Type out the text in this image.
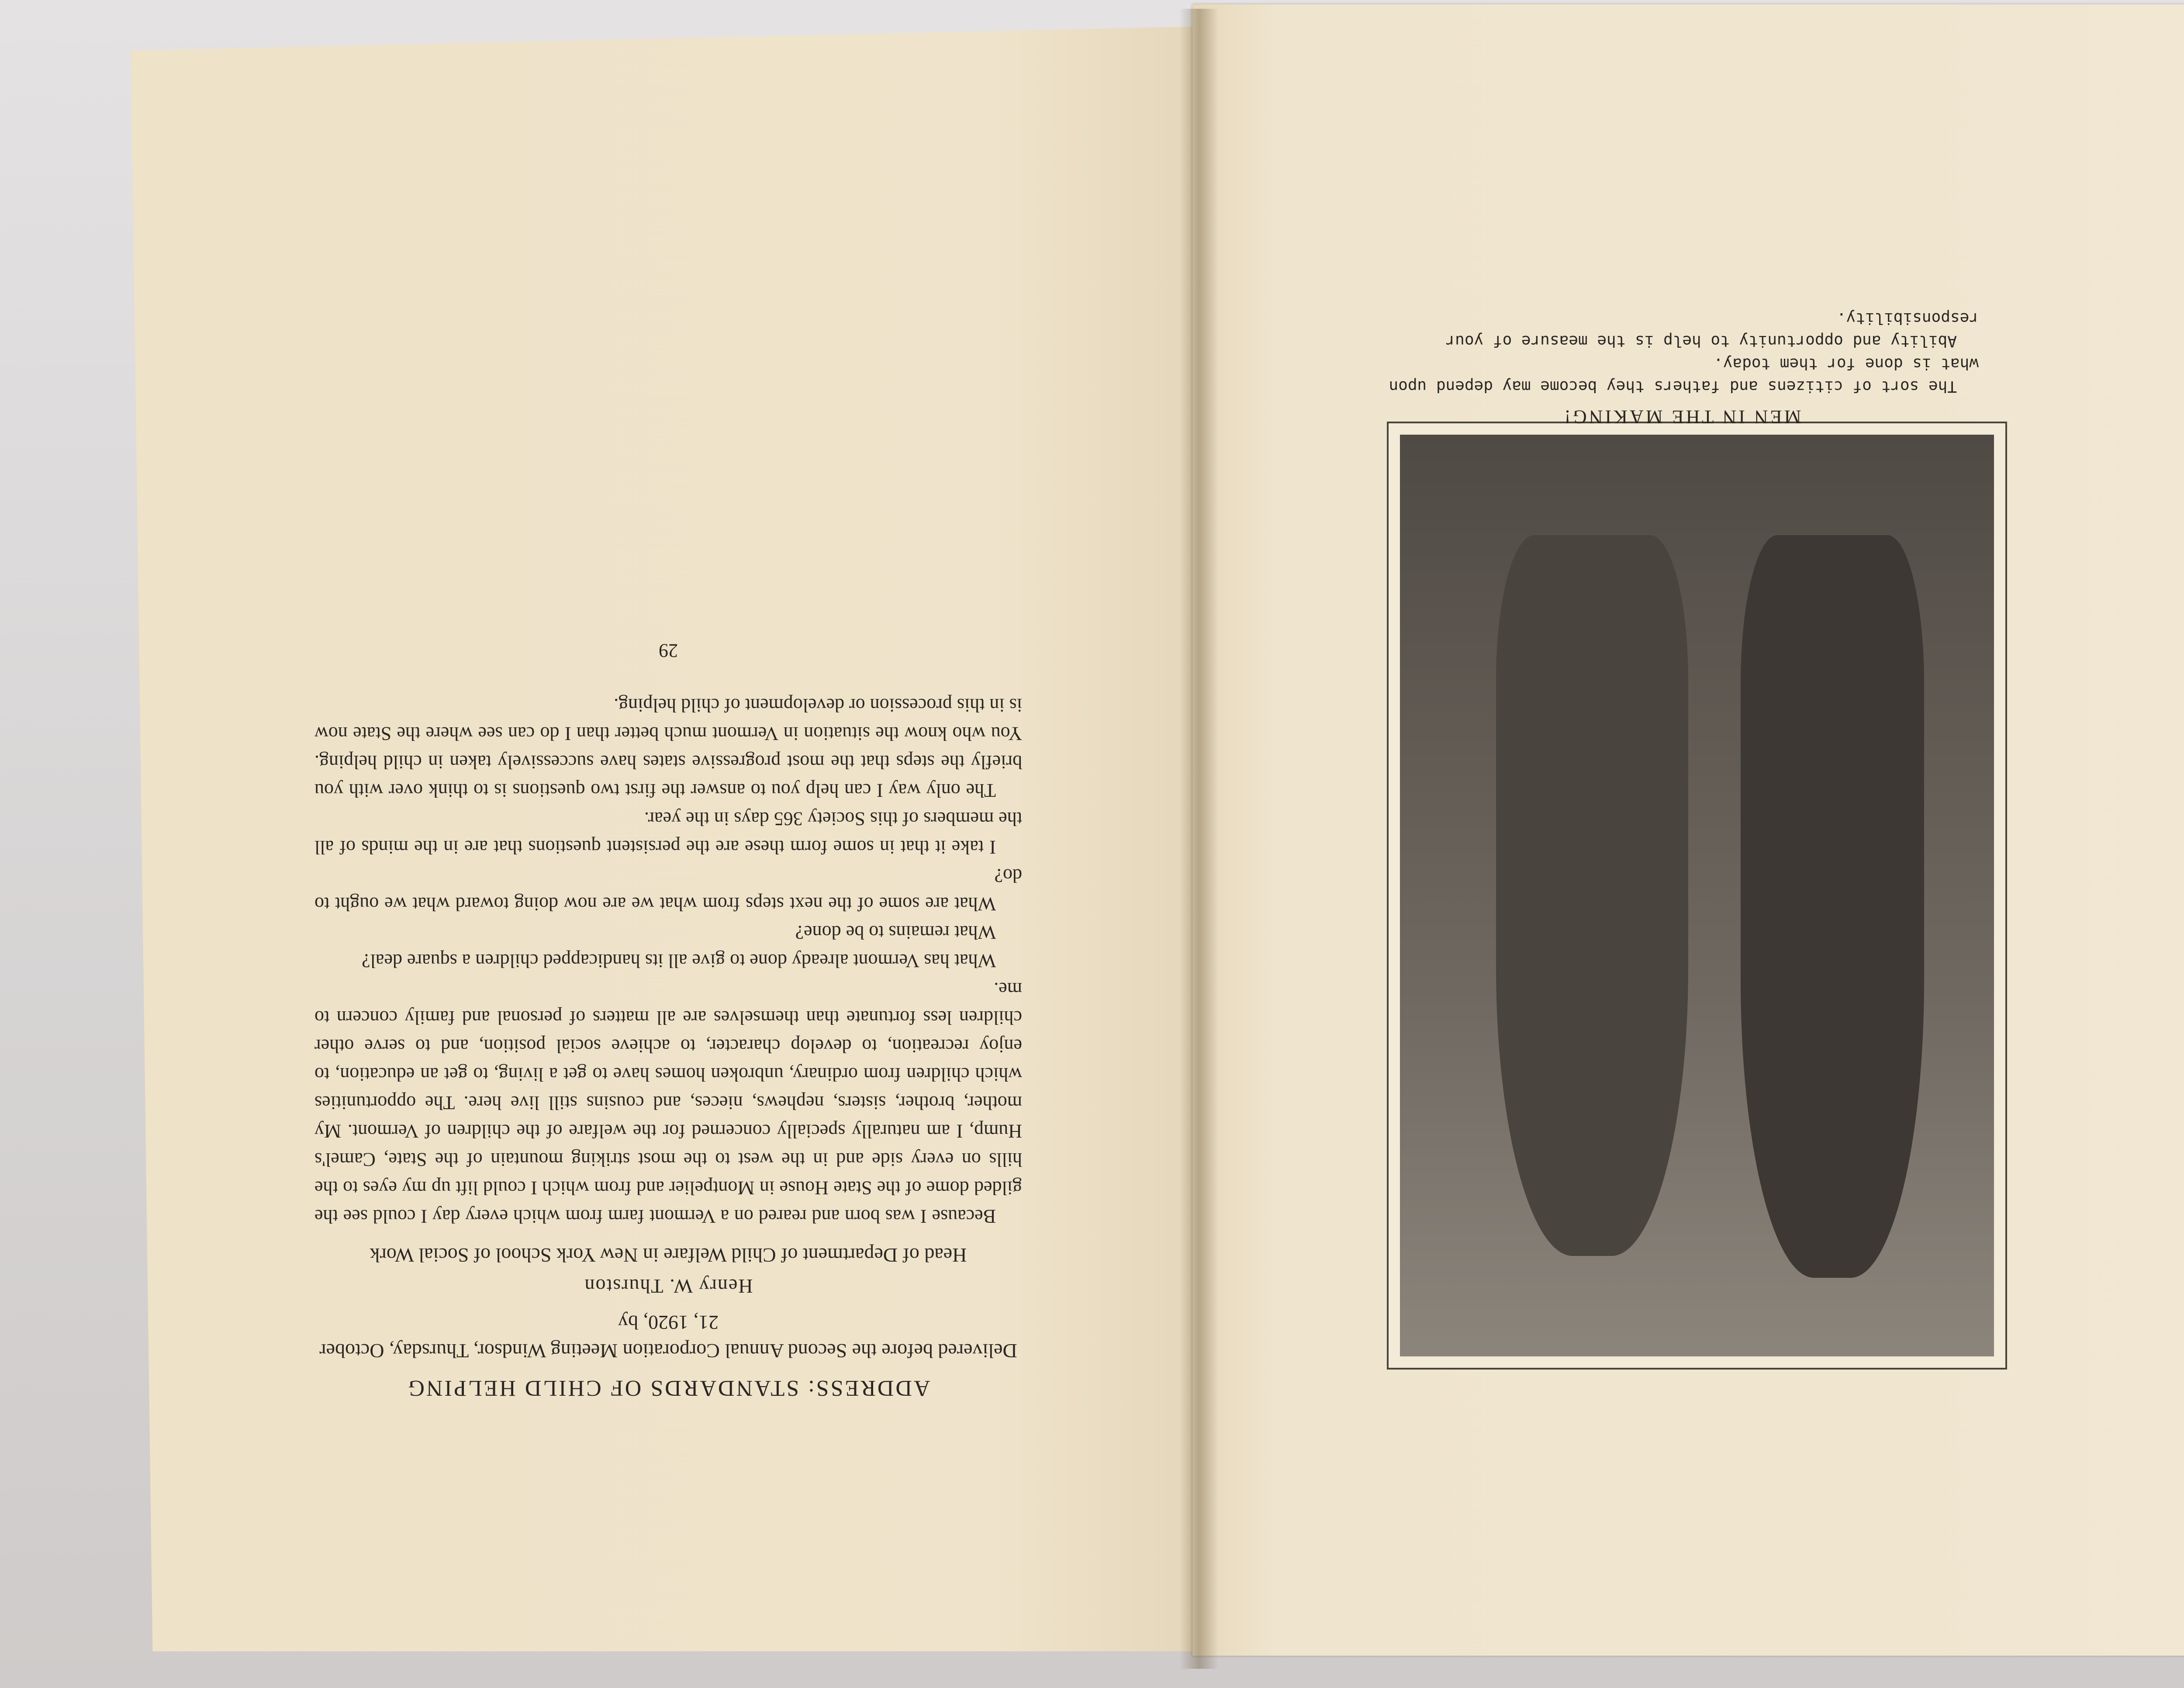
ADDRESS: STANDARDS OF CHILD HELPING
Delivered before the Second Annual Corporation Meeting Windsor, Thursday, October 21, 1920, by
Henry W. Thurston
Head of Department of Child Welfare in New York School of Social Work

Because I was born and reared on a Vermont farm from which every day I could see the gilded dome of the State House in Montpelier and from which I could lift up my eyes to the hills on every side and in the west to the most striking mountain of the State, Camel's Hump, I am naturally specially concerned for the welfare of the children of Vermont. My mother, brother, sisters, nephews, nieces, and cousins still live here. The opportunities which children from ordinary, unbroken homes have to get a living, to get an education, to enjoy recreation, to develop character, to achieve social position, and to serve other children less fortunate than themselves are all matters of personal and family concern to me.

What has Vermont already done to give all its handicapped children a square deal?

What remains to be done?

What are some of the next steps from what we are now doing toward what we ought to do?

I take it that in some form these are the persistent questions that are in the minds of all the members of this Society 365 days in the year.

The only way I can help you to answer the first two questions is to think over with you briefly the steps that the most progressive states have successively taken in child helping. You who know the situation in Vermont much better than I do can see where the State now is in this procession or development of child helping.

29
MEN IN THE MAKING!

The sort of citizens and fathers they become may depend upon what is done for them today.

Ability and opportunity to help is the measure of your responsibility.
